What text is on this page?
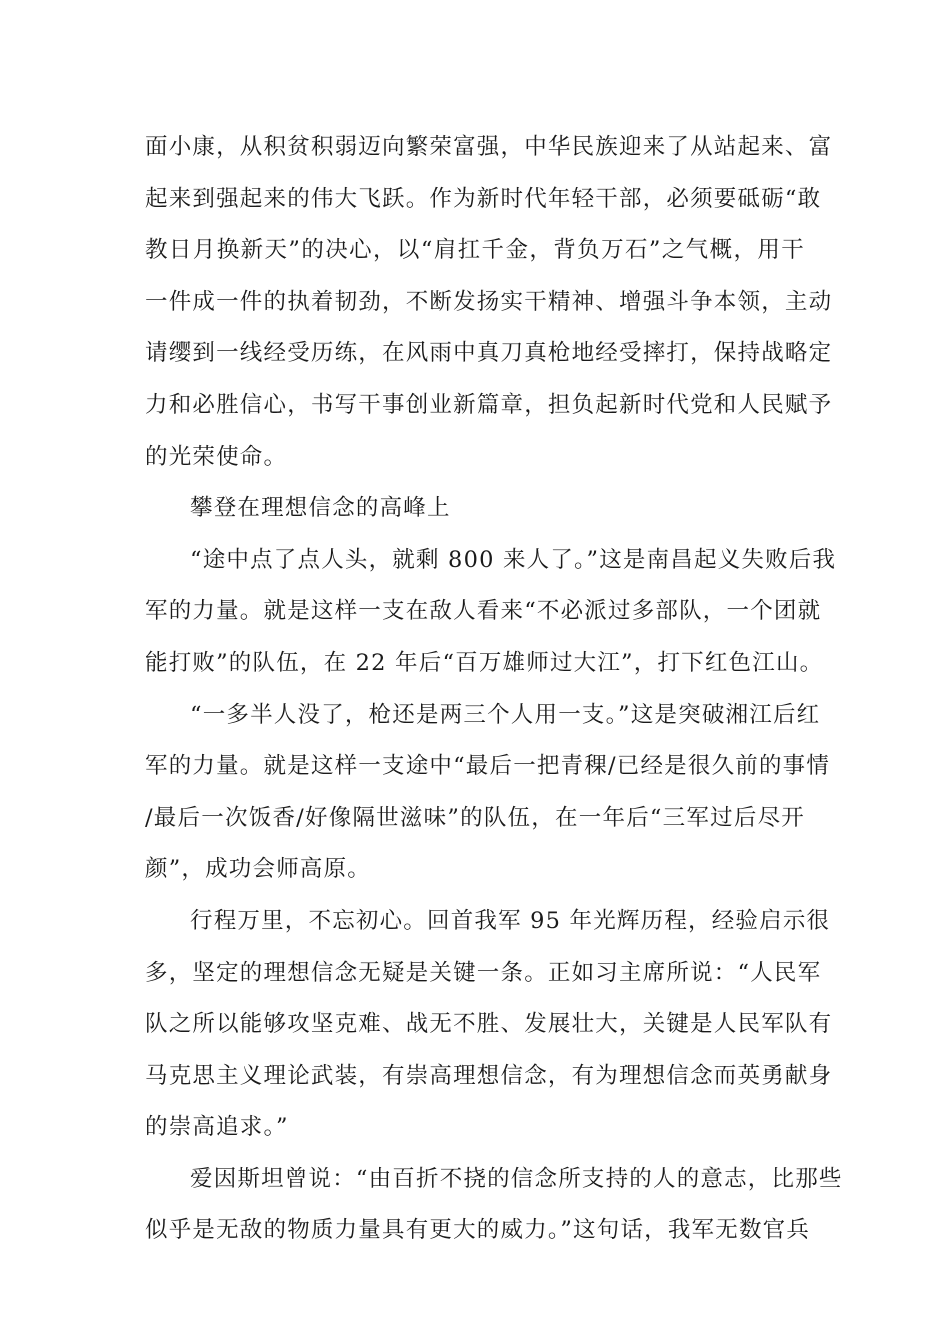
面小康，从积贫积弱迈向繁荣富强，中华民族迎来了从站起来、富
起来到强起来的伟大飞跃。作为新时代年轻干部，必须要砥砺“敢
教日月换新天”的决心，以“肩扛千金，背负万石”之气概，用干
一件成一件的执着韧劲，不断发扬实干精神、增强斗争本领，主动
请缨到一线经受历练，在风雨中真刀真枪地经受摔打，保持战略定
力和必胜信心，书写干事创业新篇章，担负起新时代党和人民赋予
的光荣使命。
攀登在理想信念的高峰上
“途中点了点人头，就剩 800 来人了。”这是南昌起义失败后我
军的力量。就是这样一支在敌人看来“不必派过多部队，一个团就
能打败”的队伍，在 22 年后“百万雄师过大江”，打下红色江山。
“一多半人没了，枪还是两三个人用一支。”这是突破湘江后红
军的力量。就是这样一支途中“最后一把青稞/已经是很久前的事情
/最后一次饭香/好像隔世滋味”的队伍，在一年后“三军过后尽开
颜”，成功会师高原。
行程万里，不忘初心。回首我军 95 年光辉历程，经验启示很
多，坚定的理想信念无疑是关键一条。正如习主席所说：“人民军
队之所以能够攻坚克难、战无不胜、发展壮大，关键是人民军队有
马克思主义理论武装，有崇高理想信念，有为理想信念而英勇献身
的崇高追求。”
爱因斯坦曾说：“由百折不挠的信念所支持的人的意志，比那些
似乎是无敌的物质力量具有更大的威力。”这句话，我军无数官兵
